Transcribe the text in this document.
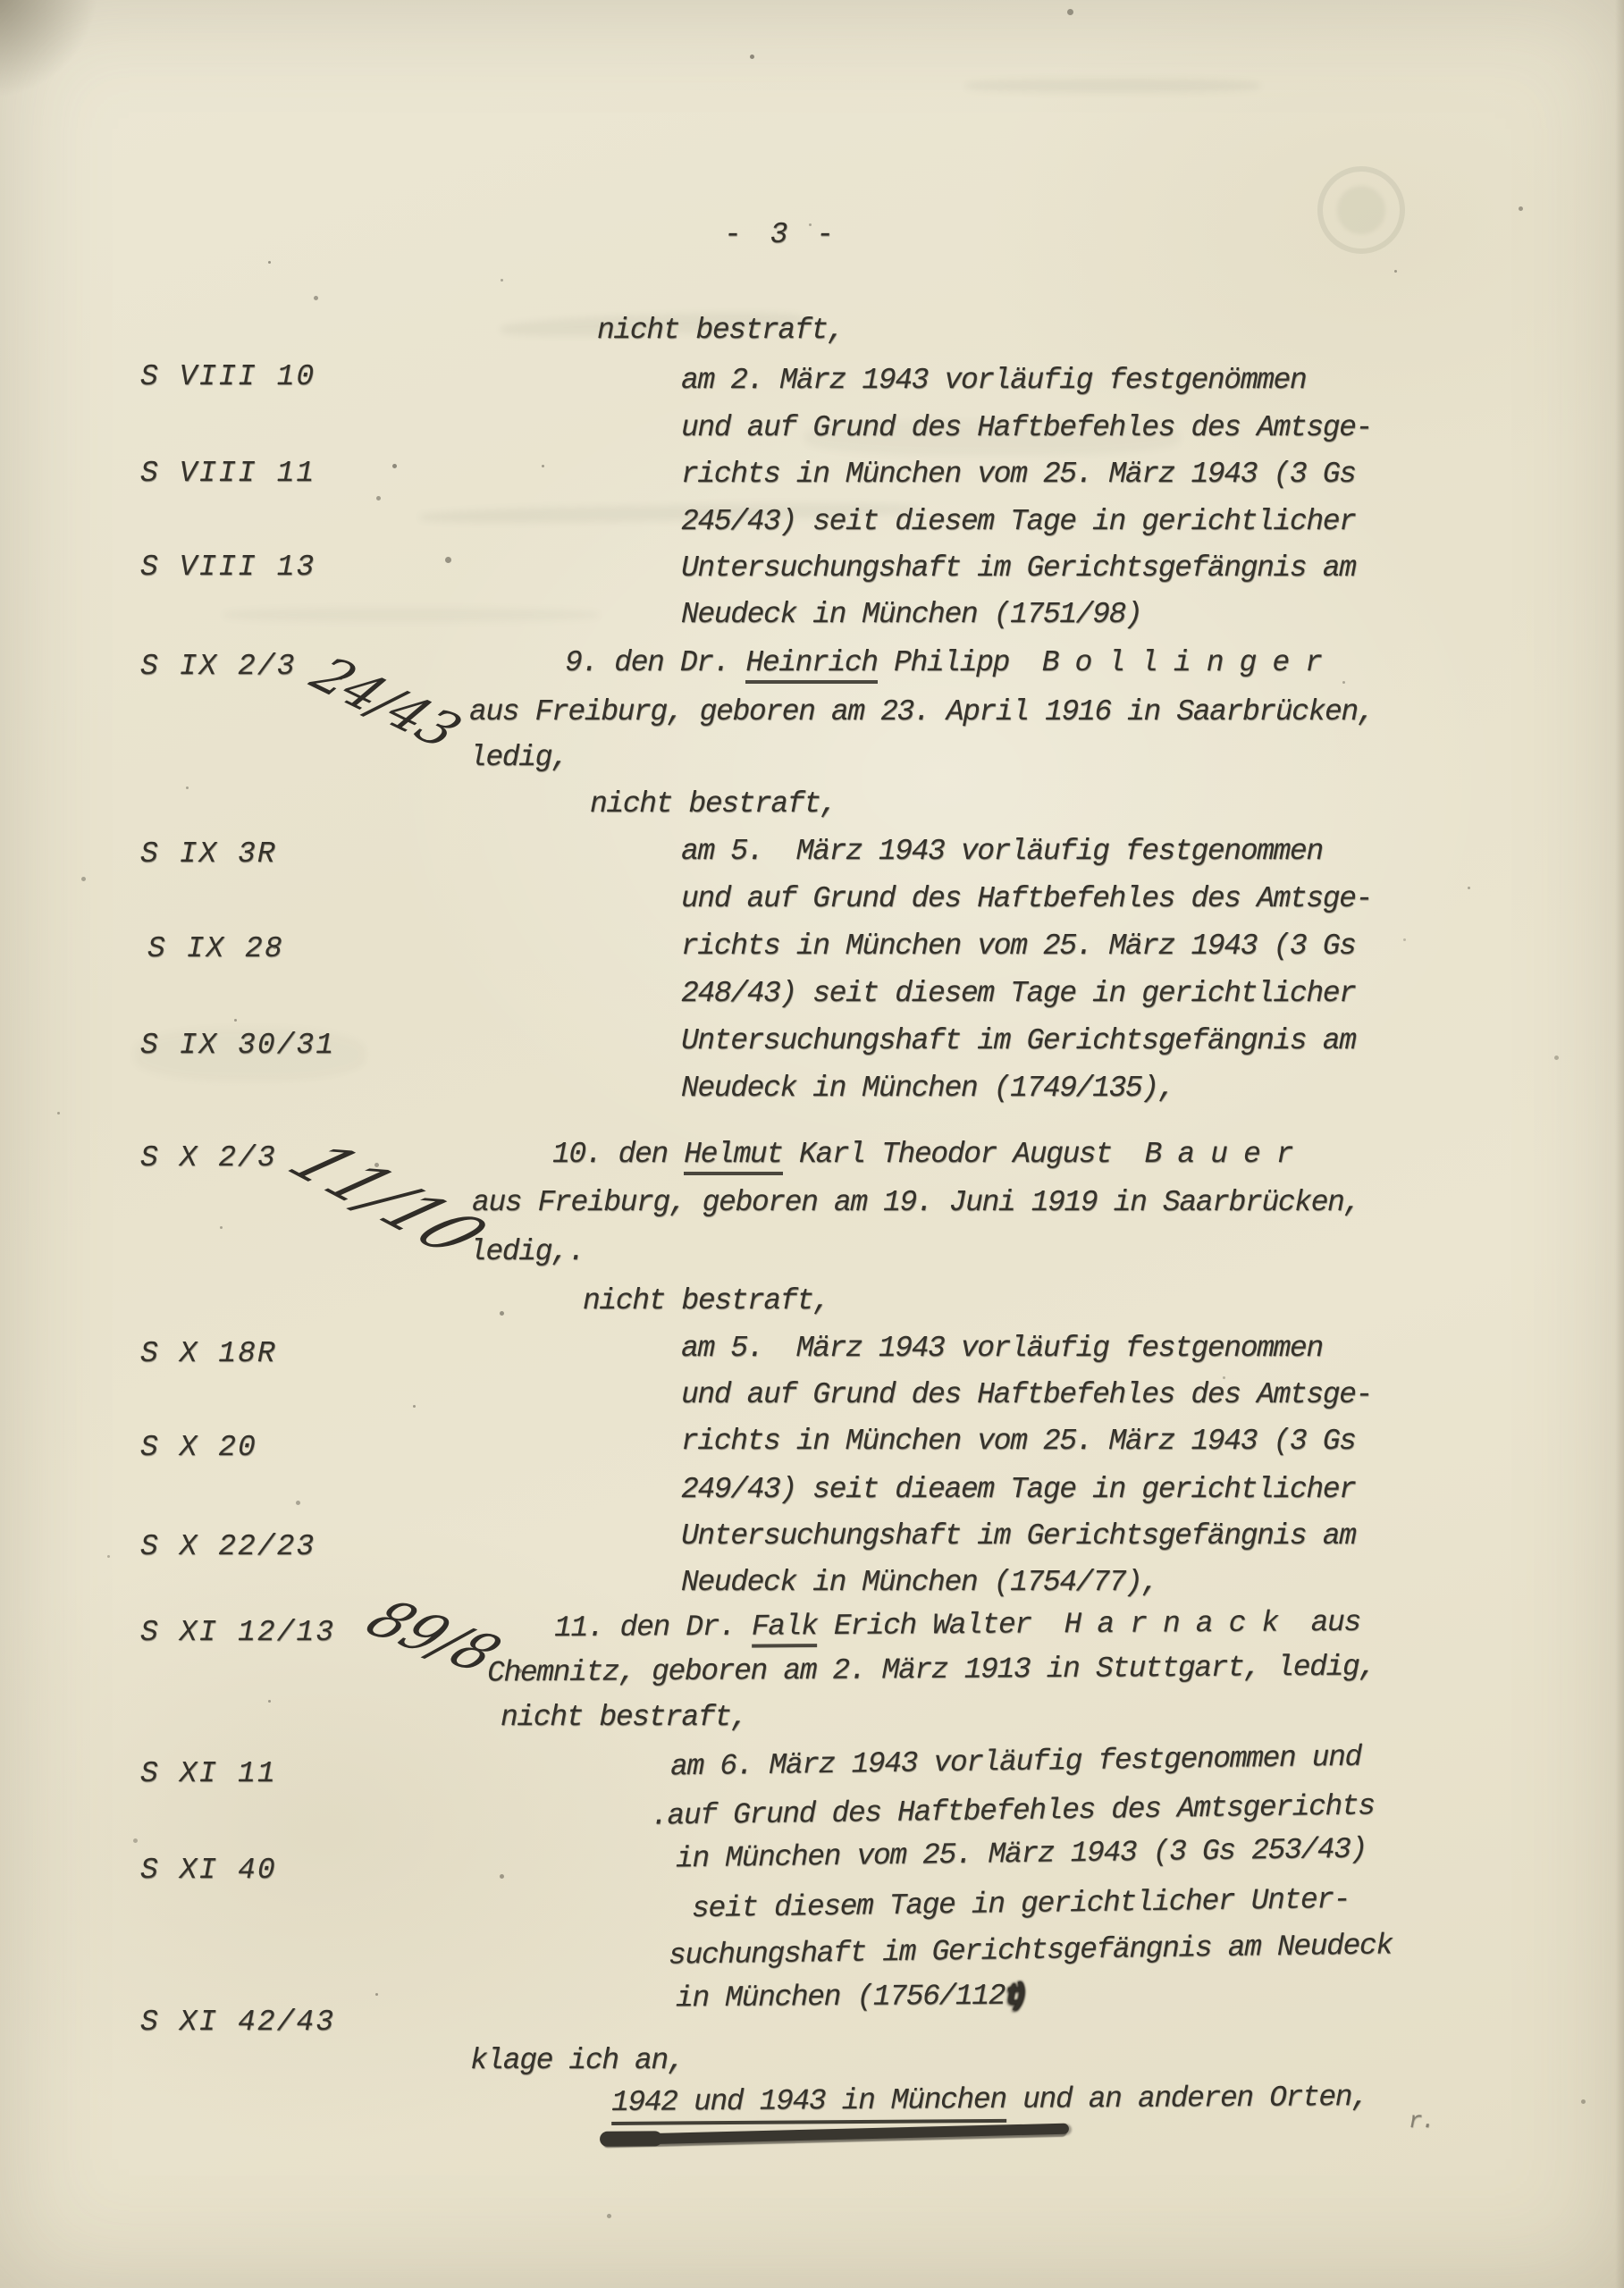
- 3 -
nicht bestraft,
S VIII 10	am 2. März 1943 vorläufig festgenömmen
und auf Grund des Haftbefehles des Amtsge-
S VIII 11	richts in München vom 25. März 1943 (3 Gs
245/43) seit diesem Tage in gerichtlicher
S VIII 13	Untersuchungshaft im Gerichtsgefängnis am
Neudeck in München (1751/98)
S IX 2/3	9. den Dr. Heinrich Philipp  B o l l i n g e r
24/43
aus Freiburg, geboren am 23. April 1916 in Saarbrücken,
ledig,
nicht bestraft,
S IX 3R	am 5.  März 1943 vorläufig festgenommen
und auf Grund des Haftbefehles des Amtsge-
S IX 28	richts in München vom 25. März 1943 (3 Gs
248/43) seit diesem Tage in gerichtlicher
S IX 30/31	Untersuchungshaft im Gerichtsgefängnis am
Neudeck in München (1749/135),
S X 2/3	10. den Helmut Karl Theodor August  B a u e r
11/10
aus Freiburg, geboren am 19. Juni 1919 in Saarbrücken,
ledig,.
nicht bestraft,
S X 18R	am 5.  März 1943 vorläufig festgenommen
und auf Grund des Haftbefehles des Amtsge-
S X 20	richts in München vom 25. März 1943 (3 Gs
249/43) seit dieaem Tage in gerichtlicher
S X 22/23	Untersuchungshaft im Gerichtsgefängnis am
Neudeck in München (1754/77),
S XI 12/13	11. den Dr. Falk Erich Walter  H a r n a c k  aus
89/8
Chemnitz, geboren am 2. März 1913 in Stuttgart, ledig,
nicht bestraft,
S XI 11	am 6. März 1943 vorläufig festgenommen und
.auf Grund des Haftbefehles des Amtsgerichts
S XI 40	in München vom 25. März 1943 (3 Gs 253/43)
seit diesem Tage in gerichtlicher Unter-
suchungshaft im Gerichtsgefängnis am Neudeck
S XI 42/43
in München (1756/112t)
klage ich an,
1942 und 1943 in München und an anderen Orten,
r.
